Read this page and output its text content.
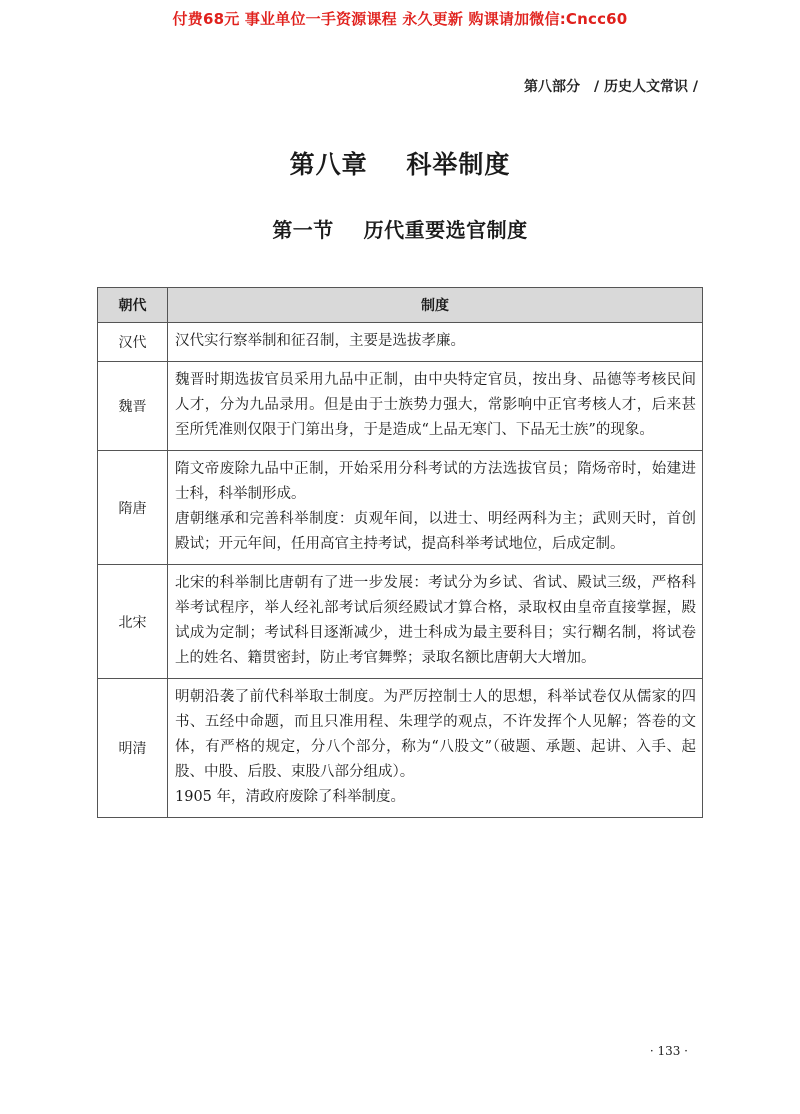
付费68元 事业单位一手资源课程 永久更新 购课请加微信:Cncc60
第八部分 / 历史人文常识 /
第八章    科举制度
第一节    历代重要选官制度
朝代	制度
汉代	汉代实行察举制和征召制，主要是选拔孝廉。

魏晋	魏晋时期选拔官员采用九品中正制，由中央特定官员，按出身、品德等考核民间人才，分为九品录用。但是由于士族势力强大，常影响中正官考核人才，后来甚至所凭准则仅限于门第出身，于是造成“上品无寒门、下品无士族”的现象。

隋唐	隋文帝废除九品中正制，开始采用分科考试的方法选拔官员；隋炀帝时，始建进士科，科举制形成。

唐朝继承和完善科举制度：贞观年间，以进士、明经两科为主；武则天时，首创殿试；开元年间，任用高官主持考试，提高科举考试地位，后成定制。

北宋	北宋的科举制比唐朝有了进一步发展：考试分为乡试、省试、殿试三级，严格科举考试程序，举人经礼部考试后须经殿试才算合格，录取权由皇帝直接掌握，殿试成为定制；考试科目逐渐减少，进士科成为最主要科目；实行糊名制，将试卷上的姓名、籍贯密封，防止考官舞弊；录取名额比唐朝大大增加。

明清	明朝沿袭了前代科举取士制度。为严厉控制士人的思想，科举试卷仅从儒家的四书、五经中命题，而且只准用程、朱理学的观点，不许发挥个人见解；答卷的文体，有严格的规定，分八个部分，称为“八股文”（破题、承题、起讲、入手、起股、中股、后股、束股八部分组成）。

1905 年，清政府废除了科举制度。

· 133 ·
